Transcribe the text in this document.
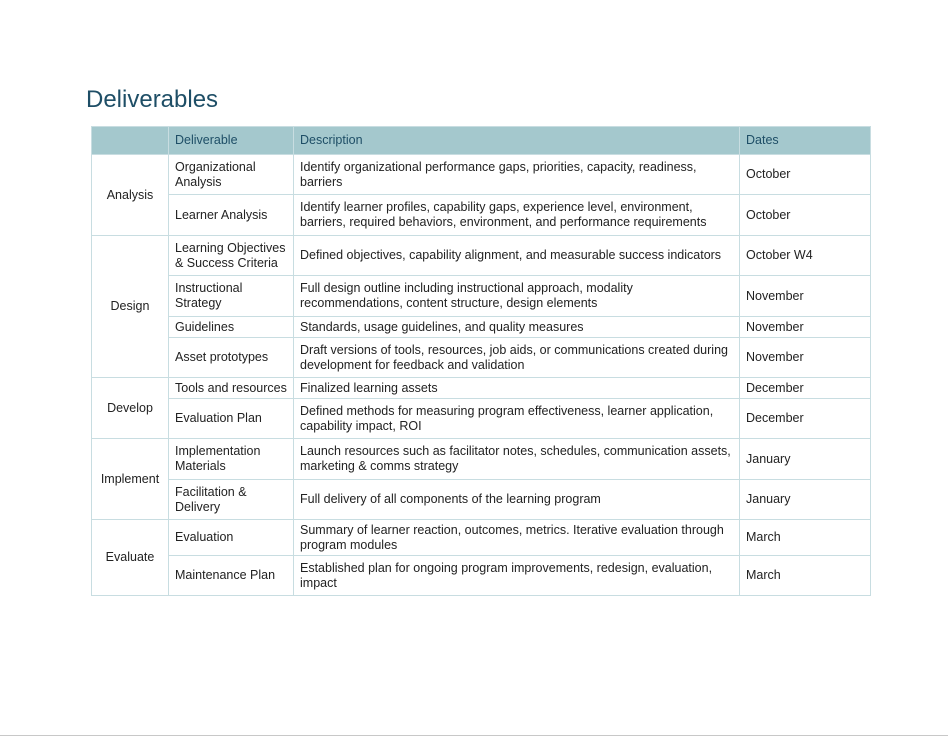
Deliverables
	Deliverable	Description	Dates
Analysis	Organizational Analysis	Identify organizational performance gaps, priorities, capacity, readiness, barriers	October
	Learner Analysis	Identify learner profiles, capability gaps, experience level, environment, barriers, required behaviors, environment, and performance requirements	October
Design	Learning Objectives & Success Criteria	Defined objectives, capability alignment, and measurable success indicators	October W4
	Instructional Strategy	Full design outline including instructional approach, modality recommendations, content structure, design elements	November
	Guidelines	Standards, usage guidelines, and quality measures	November
	Asset prototypes	Draft versions of tools, resources, job aids, or communications created during development for feedback and validation	November
Develop	Tools and resources	Finalized learning assets	December
	Evaluation Plan	Defined methods for measuring program effectiveness, learner application, capability impact, ROI	December
Implement	Implementation Materials	Launch resources such as facilitator notes, schedules, communication assets, marketing & comms strategy	January
	Facilitation & Delivery	Full delivery of all components of the learning program	January
Evaluate	Evaluation	Summary of learner reaction, outcomes, metrics. Iterative evaluation through program modules	March
	Maintenance Plan	Established plan for ongoing program improvements, redesign, evaluation, impact	March
